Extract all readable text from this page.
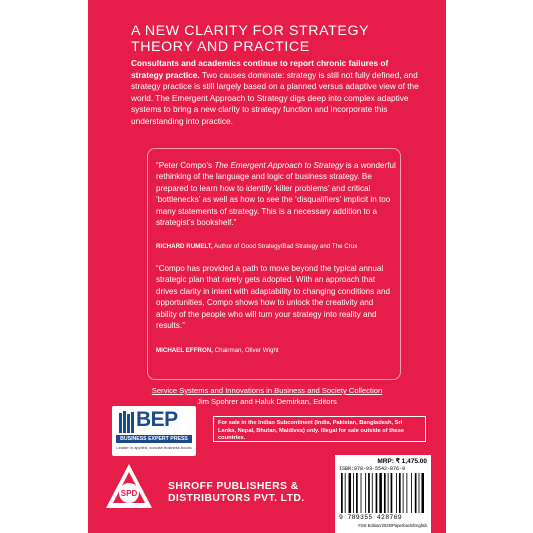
A NEW CLARITY FOR STRATEGY
THEORY AND PRACTICE
Consultants and academics continue to report chronic failures of strategy practice. Two causes dominate: strategy is still not fully defined, and strategy practice is still largely based on a planned versus adaptive view of the world. The Emergent Approach to Strategy digs deep into complex adaptive systems to bring a new clarity to strategy function and incorporate this understanding into practice.
“Peter Compo’s The Emergent Approach to Strategy is a wonderful rethinking of the language and logic of business strategy. Be prepared to learn how to identify ‘killer problems’ and critical ‘bottlenecks’ as well as how to see the ‘disqualifiers’ implicit in too many statements of strategy. This is a necessary addition to a strategist’s bookshelf.”
RICHARD RUMELT, Author of Good Strategy/Bad Strategy and The Crux
“Compo has provided a path to move beyond the typical annual strategic plan that rarely gets adopted. With an approach that drives clarity in intent with adaptability to changing conditions and opportunities, Compo shows how to unlock the creativity and ability of the people who will turn your strategy into reality and results.”
MICHAEL EFFRON, Chairman, Oliver Wight
Service Systems and Innovations in Business and Society Collection
Jim Spohrer and Haluk Demirkan, Editors
BEP
BUSINESS EXPERT PRESS
Leader in applied, concise business books
For sale in the Indian Subcontinent (India, Pakistan, Bangladesh, Sri Lanka, Nepal, Bhutan, Maldives) only. Illegal for sale outside of these countries.
SPD
SHROFF PUBLISHERS &
DISTRIBUTORS PVT. LTD.
MRP: ₹ 1,475.00
ISBN:978-93-5542-876-9
9 789355 428769
First Edition/2025/Paperback/English
